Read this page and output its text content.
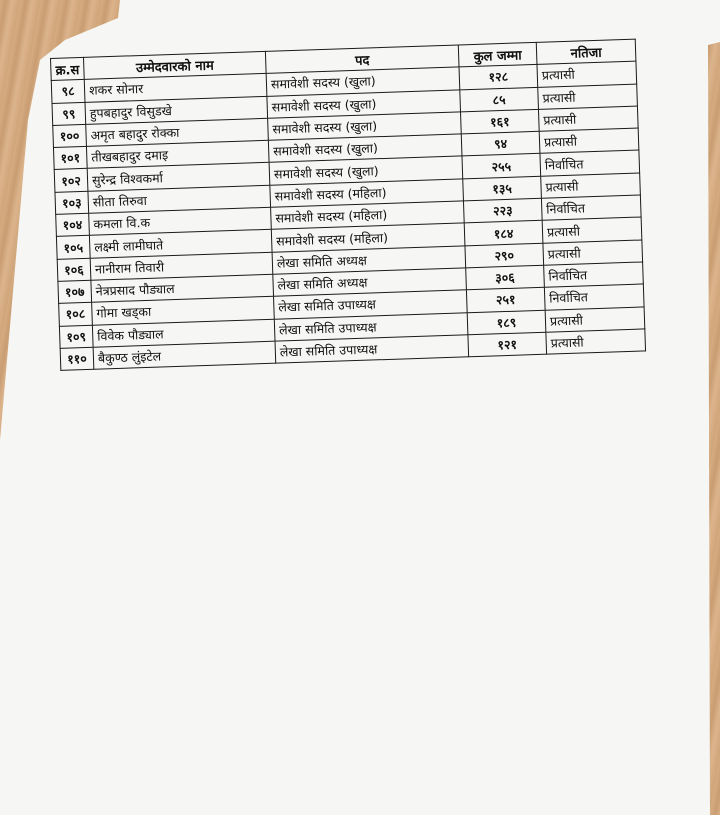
क्र.स	उम्मेदवारको नाम	पद	कुल जम्मा	नतिजा
९८	शकर सोनार	समावेशी सदस्य (खुला)	१२८	प्रत्यासी
९९	हुपबहादुर विसुडखे	समावेशी सदस्य (खुला)	८५	प्रत्यासी
१००	अमृत बहादुर रोक्का	समावेशी सदस्य (खुला)	१६१	प्रत्यासी
१०१	तीखबहादुर दमाइ	समावेशी सदस्य (खुला)	९४	प्रत्यासी
१०२	सुरेन्द्र विश्वकर्मा	समावेशी सदस्य (खुला)	२५५	निर्वाचित
१०३	सीता तिरुवा	समावेशी सदस्य (महिला)	१३५	प्रत्यासी
१०४	कमला वि.क	समावेशी सदस्य (महिला)	२२३	निर्वाचित
१०५	लक्ष्मी लामीघाते	समावेशी सदस्य (महिला)	१८४	प्रत्यासी
१०६	नानीराम तिवारी	लेखा समिति अध्यक्ष	२९०	प्रत्यासी
१०७	नेत्रप्रसाद पौड्याल	लेखा समिति अध्यक्ष	३०६	निर्वाचित
१०८	गोमा खड्का	लेखा समिति उपाध्यक्ष	२५१	निर्वाचित
१०९	विवेक पौड्याल	लेखा समिति उपाध्यक्ष	१८९	प्रत्यासी
११०	बैकुण्ठ लुंइटेल	लेखा समिति उपाध्यक्ष	१२१	प्रत्यासी
